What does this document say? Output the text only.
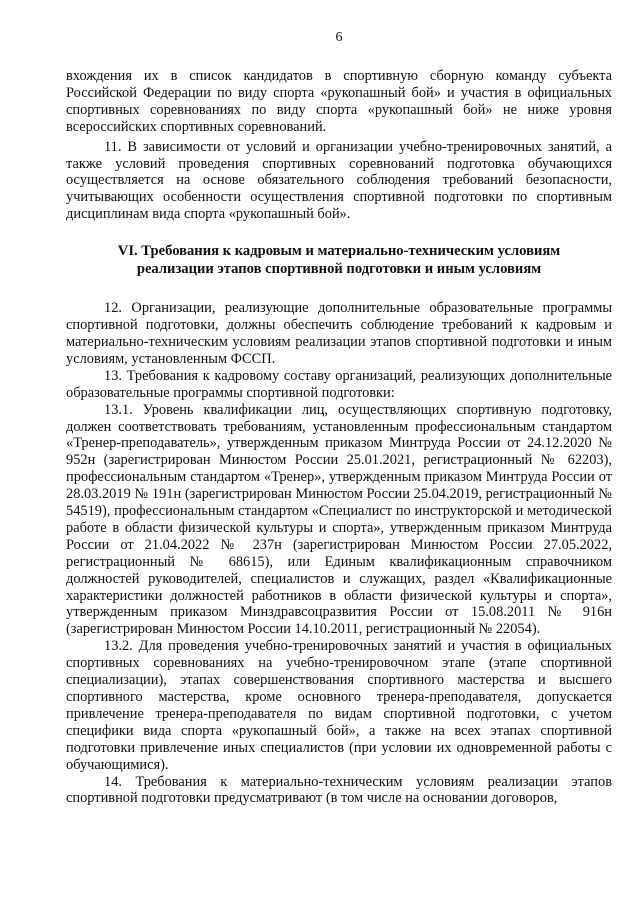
6

вхождения их в список кандидатов в спортивную сборную команду субъекта Российской Федерации по виду спорта «рукопашный бой» и участия в официальных спортивных соревнованиях по виду спорта «рукопашный бой» не ниже уровня всероссийских спортивных соревнований.

11. В зависимости от условий и организации учебно-тренировочных занятий, а также условий проведения спортивных соревнований подготовка обучающихся осуществляется на основе обязательного соблюдения требований безопасности, учитывающих особенности осуществления спортивной подготовки по спортивным дисциплинам вида спорта «рукопашный бой».

VI. Требования к кадровым и материально-техническим условиям
реализации этапов спортивной подготовки и иным условиям

12. Организации, реализующие дополнительные образовательные программы спортивной подготовки, должны обеспечить соблюдение требований к кадровым и материально-техническим условиям реализации этапов спортивной подготовки и иным условиям, установленным ФССП.

13. Требования к кадровому составу организаций, реализующих дополнительные образовательные программы спортивной подготовки:

13.1. Уровень квалификации лиц, осуществляющих спортивную подготовку, должен соответствовать требованиям, установленным профессиональным стандартом «Тренер-преподаватель», утвержденным приказом Минтруда России от 24.12.2020 № 952н (зарегистрирован Минюстом России 25.01.2021, регистрационный № 62203), профессиональным стандартом «Тренер», утвержденным приказом Минтруда России от 28.03.2019 № 191н (зарегистрирован Минюстом России 25.04.2019, регистрационный № 54519), профессиональным стандартом «Специалист по инструкторской и методической работе в области физической культуры и спорта», утвержденным приказом Минтруда России от 21.04.2022 № 237н (зарегистрирован Минюстом России 27.05.2022, регистрационный № 68615), или Единым квалификационным справочником должностей руководителей, специалистов и служащих, раздел «Квалификационные характеристики должностей работников в области физической культуры и спорта», утвержденным приказом Минздравсоцразвития России от 15.08.2011 № 916н (зарегистрирован Минюстом России 14.10.2011, регистрационный № 22054).

13.2. Для проведения учебно-тренировочных занятий и участия в официальных спортивных соревнованиях на учебно-тренировочном этапе (этапе спортивной специализации), этапах совершенствования спортивного мастерства и высшего спортивного мастерства, кроме основного тренера-преподавателя, допускается привлечение тренера-преподавателя по видам спортивной подготовки, с учетом специфики вида спорта «рукопашный бой», а также на всех этапах спортивной подготовки привлечение иных специалистов (при условии их одновременной работы с обучающимися).

14. Требования к материально-техническим условиям реализации этапов спортивной подготовки предусматривают (в том числе на основании договоров,
